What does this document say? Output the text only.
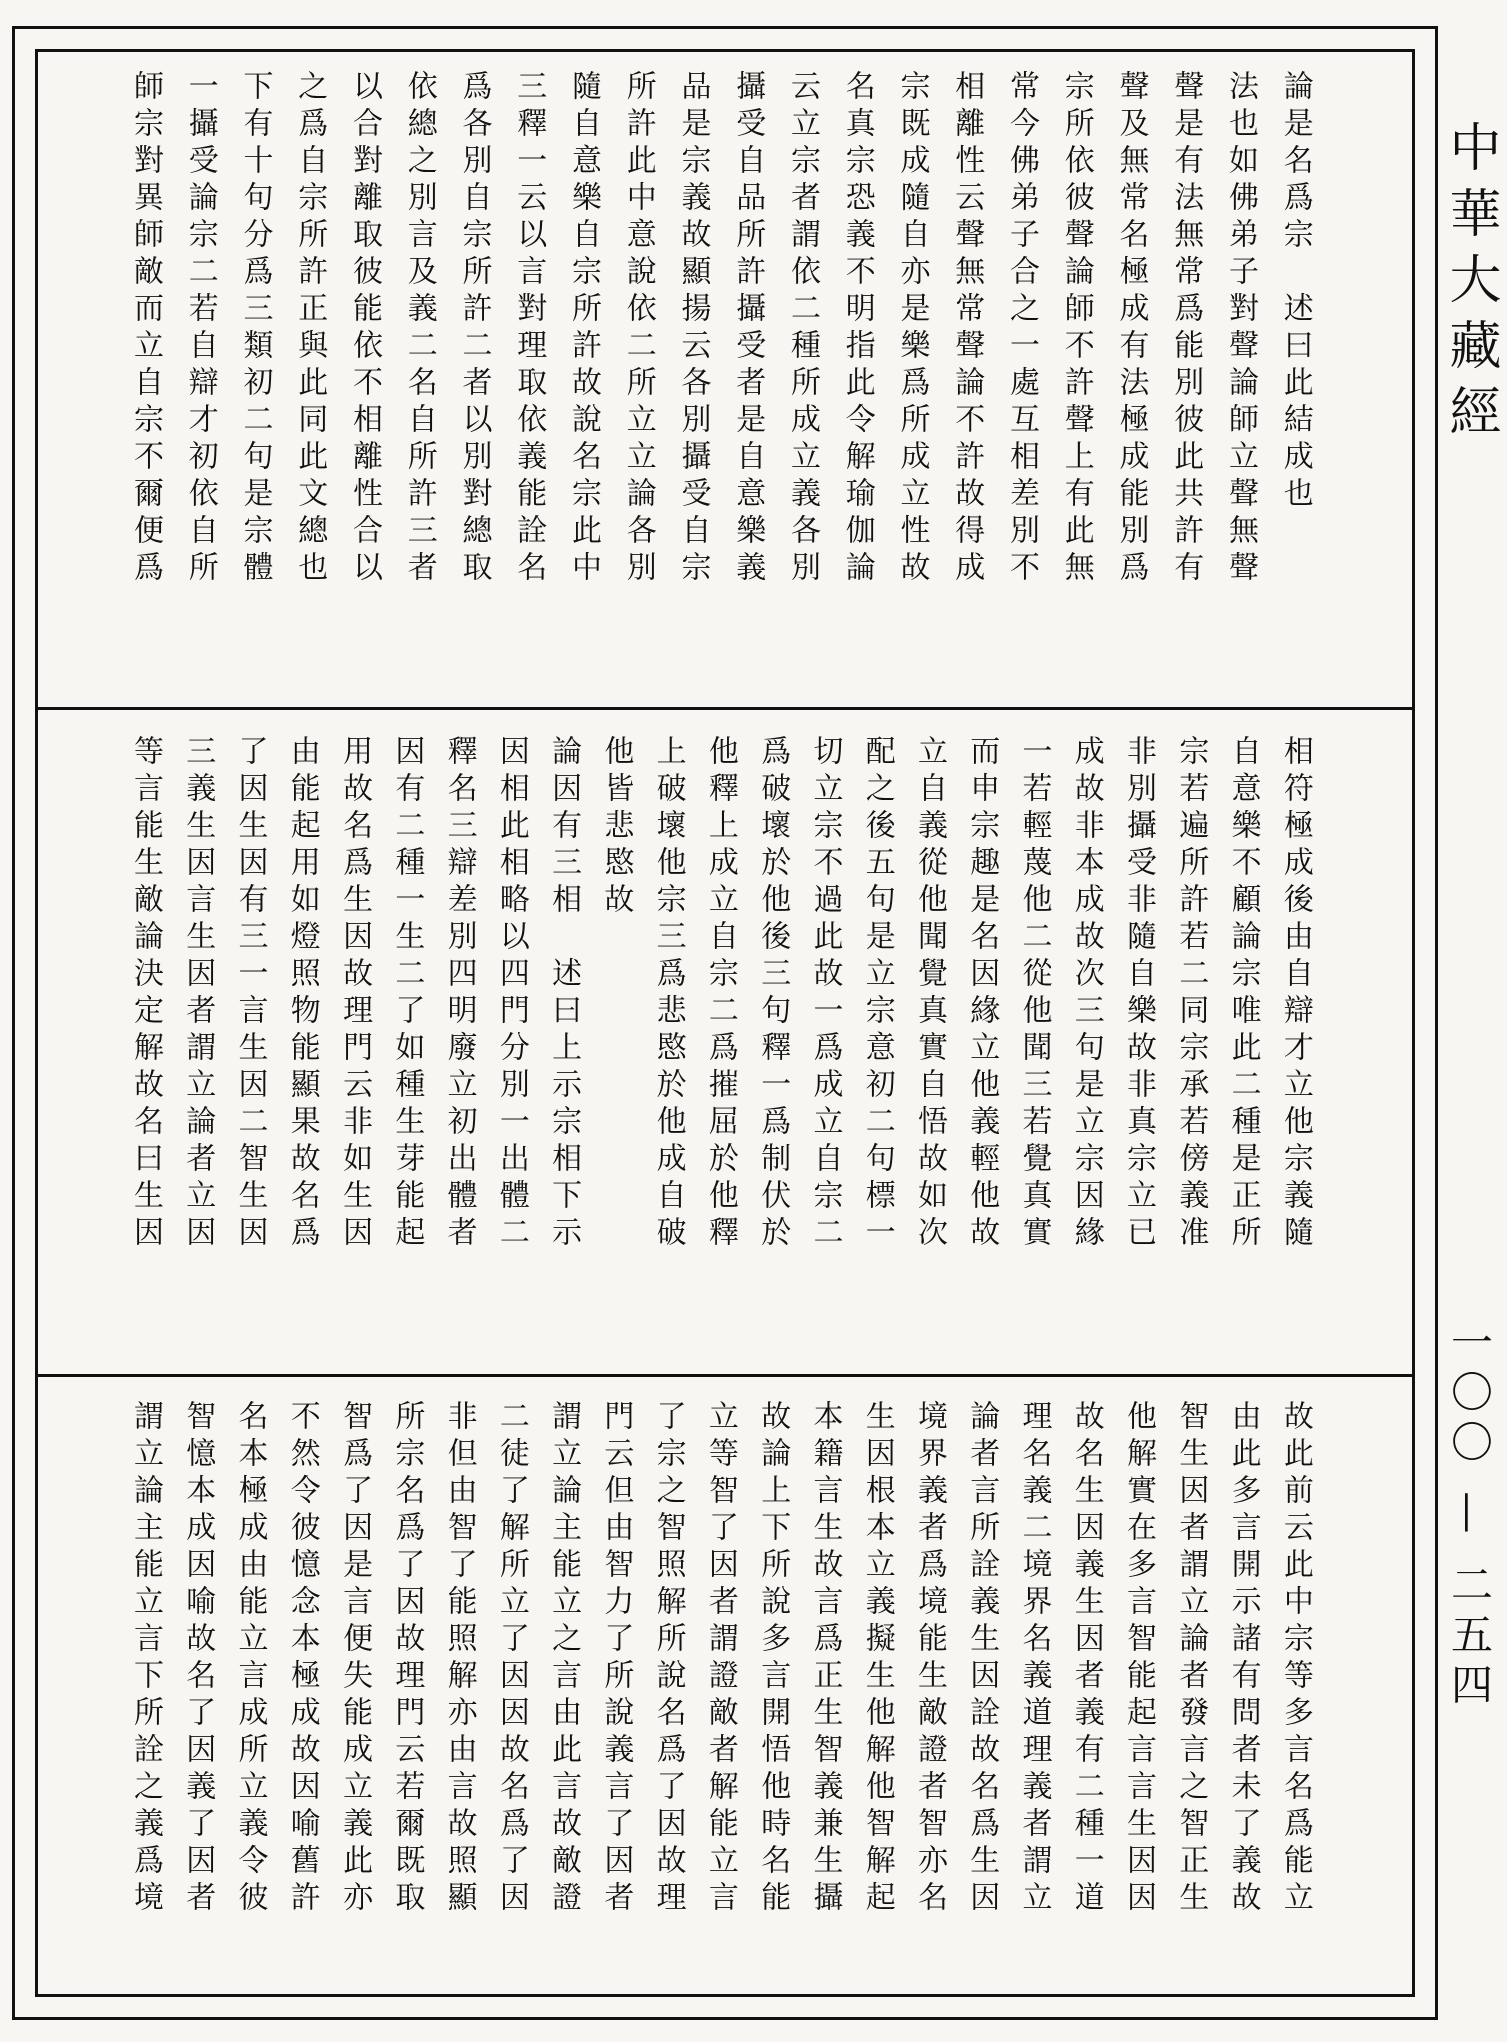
論是名爲宗　述曰此結成也
法也如佛弟子對聲論師立聲無聲
聲是有法無常爲能別彼此共許有
聲及無常名極成有法極成能別爲
宗所依彼聲論師不許聲上有此無
常今佛弟子合之一處互相差別不
相離性云聲無常聲論不許故得成
宗既成隨自亦是樂爲所成立性故
名真宗恐義不明指此令解瑜伽論
云立宗者謂依二種所成立義各別
攝受自品所許攝受者是自意樂義
品是宗義故顯揚云各別攝受自宗
所許此中意說依二所立立論各別
隨自意樂自宗所許故說名宗此中
三釋一云以言對理取依義能詮名
爲各別自宗所許二者以別對總取
依總之別言及義二名自所許三者
以合對離取彼能依不相離性合以
之爲自宗所許正與此同此文總也
下有十句分爲三類初二句是宗體
一攝受論宗二若自辯才初依自所
師宗對異師敵而立自宗不爾便爲
相符極成後由自辯才立他宗義隨
自意樂不顧論宗唯此二種是正所
宗若遍所許若二同宗承若傍義准
非別攝受非隨自樂故非真宗立已
成故非本成故次三句是立宗因緣
一若輕蔑他二從他聞三若覺真實
而申宗趣是名因緣立他義輕他故
立自義從他聞覺真實自悟故如次
配之後五句是立宗意初二句標一
切立宗不過此故一爲成立自宗二
爲破壞於他後三句釋一爲制伏於
他釋上成立自宗二爲摧屈於他釋
上破壞他宗三爲悲愍於他成自破
他皆悲愍故
論因有三相　述曰上示宗相下示
因相此相略以四門分別一出體二
釋名三辯差別四明廢立初出體者
因有二種一生二了如種生芽能起
用故名爲生因故理門云非如生因
由能起用如燈照物能顯果故名爲
了因生因有三一言生因二智生因
三義生因言生因者謂立論者立因
等言能生敵論決定解故名曰生因
故此前云此中宗等多言名爲能立
由此多言開示諸有問者未了義故
智生因者謂立論者發言之智正生
他解實在多言智能起言言生因因
故名生因義生因者義有二種一道
理名義二境界名義道理義者謂立
論者言所詮義生因詮故名爲生因
境界義者爲境能生敵證者智亦名
生因根本立義擬生他解他智解起
本籍言生故言爲正生智義兼生攝
故論上下所說多言開悟他時名能
立等智了因者謂證敵者解能立言
了宗之智照解所說名爲了因故理
門云但由智力了所說義言了因者
謂立論主能立之言由此言故敵證
二徒了解所立了因因故名爲了因
非但由智了能照解亦由言故照顯
所宗名爲了因故理門云若爾既取
智爲了因是言便失能成立義此亦
不然令彼憶念本極成故因喻舊許
名本極成由能立言成所立義令彼
智憶本成因喻故名了因義了因者
謂立論主能立言下所詮之義爲境
中華大藏經
一〇〇 — 二五四
